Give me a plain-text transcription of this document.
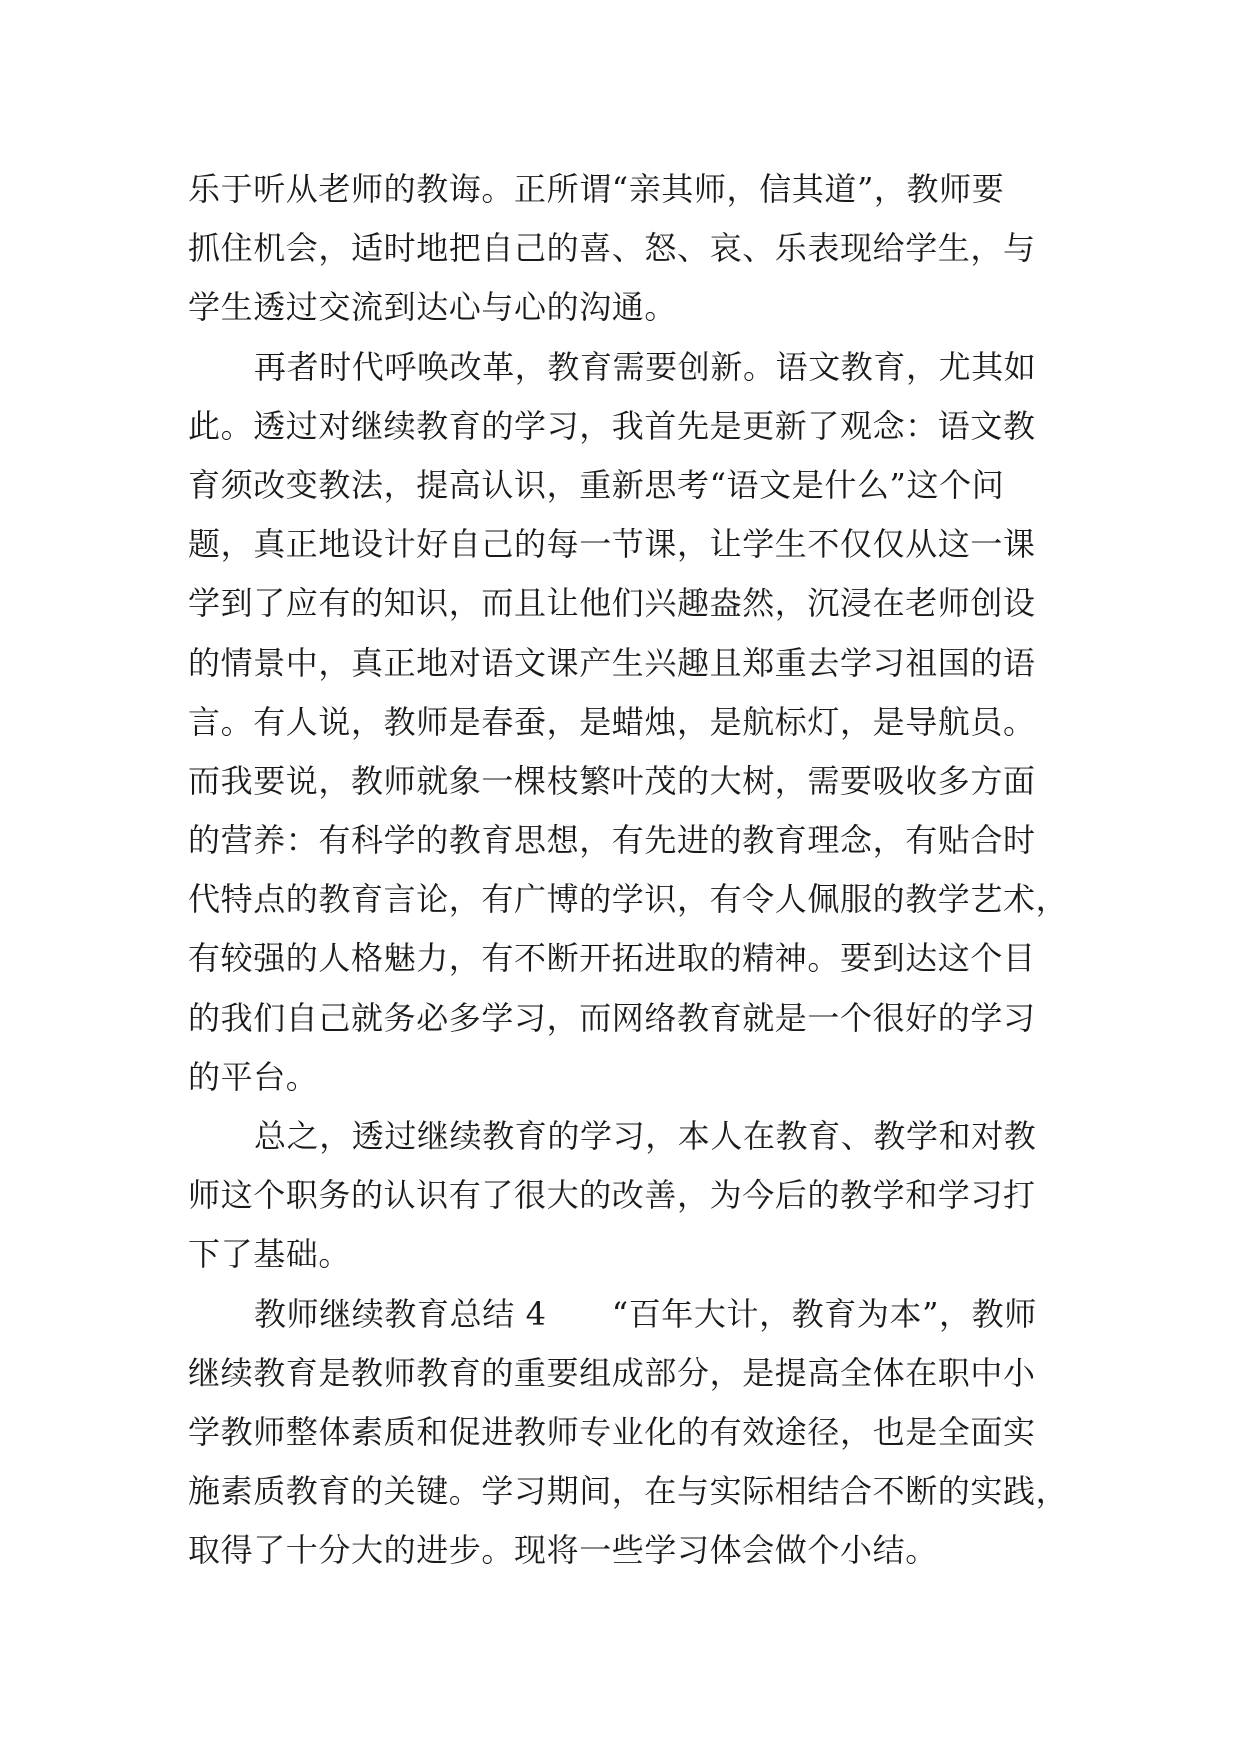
乐于听从老师的教诲。正所谓“亲其师，信其道”，教师要
抓住机会，适时地把自己的喜、怒、哀、乐表现给学生，与
学生透过交流到达心与心的沟通。
再者时代呼唤改革，教育需要创新。语文教育，尤其如
此。透过对继续教育的学习，我首先是更新了观念：语文教
育须改变教法，提高认识，重新思考“语文是什么”这个问
题，真正地设计好自己的每一节课，让学生不仅仅从这一课
学到了应有的知识，而且让他们兴趣盎然，沉浸在老师创设
的情景中，真正地对语文课产生兴趣且郑重去学习祖国的语
言。有人说，教师是春蚕，是蜡烛，是航标灯，是导航员。
而我要说，教师就象一棵枝繁叶茂的大树，需要吸收多方面
的营养：有科学的教育思想，有先进的教育理念，有贴合时
代特点的教育言论，有广博的学识，有令人佩服的教学艺术，
有较强的人格魅力，有不断开拓进取的精神。要到达这个目
的我们自己就务必多学习，而网络教育就是一个很好的学习
的平台。
总之，透过继续教育的学习，本人在教育、教学和对教
师这个职务的认识有了很大的改善，为今后的教学和学习打
下了基础。
教师继续教育总结 4　　“百年大计，教育为本”，教师
继续教育是教师教育的重要组成部分，是提高全体在职中小
学教师整体素质和促进教师专业化的有效途径，也是全面实
施素质教育的关键。学习期间，在与实际相结合不断的实践，
取得了十分大的进步。现将一些学习体会做个小结。
